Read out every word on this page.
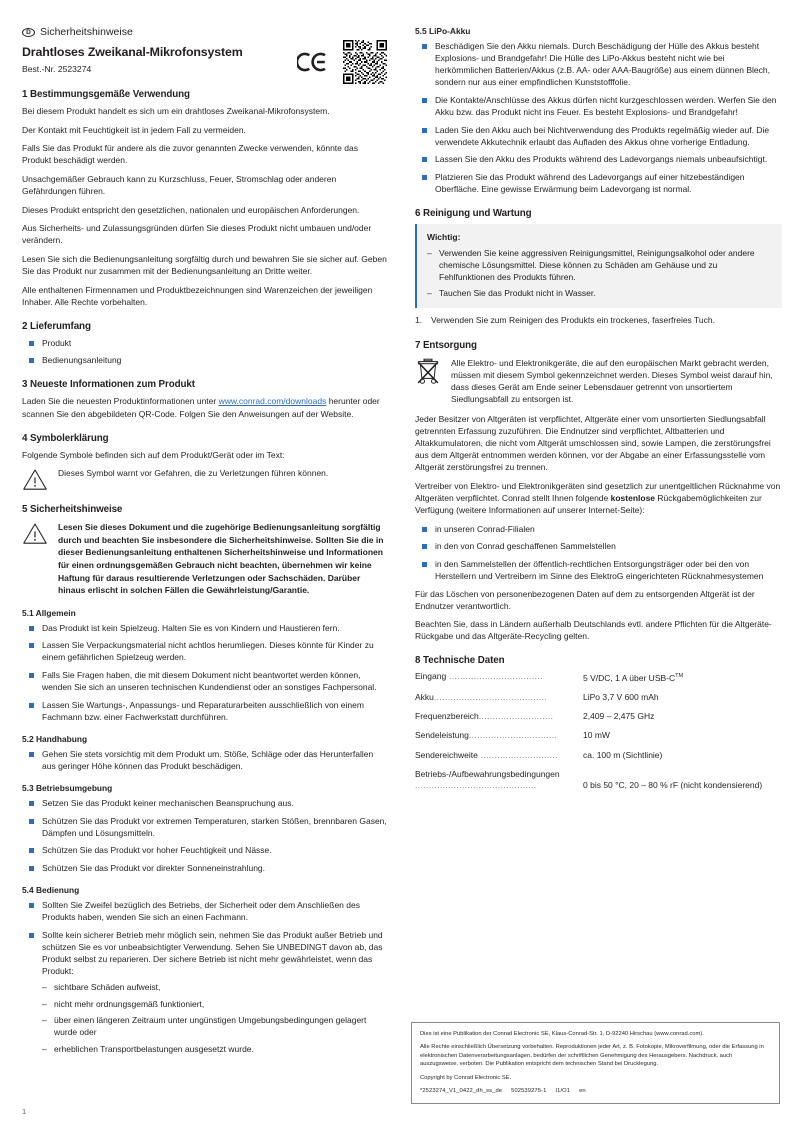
D Sicherheitshinweise
Drahtloses Zweikanal-Mikrofonsystem
Best.-Nr. 2523274
1 Bestimmungsgemäße Verwendung

Bei diesem Produkt handelt es sich um ein drahtloses Zweikanal-Mikrofonsystem.

Der Kontakt mit Feuchtigkeit ist in jedem Fall zu vermeiden.

Falls Sie das Produkt für andere als die zuvor genannten Zwecke verwenden, könnte das Produkt beschädigt werden.

Unsachgemäßer Gebrauch kann zu Kurzschluss, Feuer, Stromschlag oder anderen Gefährdungen führen.

Dieses Produkt entspricht den gesetzlichen, nationalen und europäischen Anforderungen.

Aus Sicherheits- und Zulassungsgründen dürfen Sie dieses Produkt nicht umbauen und/oder verändern.

Lesen Sie sich die Bedienungsanleitung sorgfältig durch und bewahren Sie sie sicher auf. Geben Sie das Produkt nur zusammen mit der Bedienungsanleitung an Dritte weiter.

Alle enthaltenen Firmennamen und Produktbezeichnungen sind Warenzeichen der jeweiligen Inhaber. Alle Rechte vorbehalten.

2 Lieferumfang
Produkt
Bedienungsanleitung
3 Neueste Informationen zum Produkt

Laden Sie die neuesten Produktinformationen unter www.conrad.com/downloads herunter oder scannen Sie den abgebildeten QR-Code. Folgen Sie den Anweisungen auf der Website.

4 Symbolerklärung

Folgende Symbole befinden sich auf dem Produkt/Gerät oder im Text:

Dieses Symbol warnt vor Gefahren, die zu Verletzungen führen können.
5 Sicherheitshinweise
Lesen Sie dieses Dokument und die zugehörige Bedienungsanleitung sorgfältig durch und beachten Sie insbesondere die Sicherheitshinweise. Sollten Sie die in dieser Bedienungsanleitung enthaltenen Sicherheitshinweise und Informationen für einen ordnungsgemäßen Gebrauch nicht beachten, übernehmen wir keine Haftung für daraus resultierende Verletzungen oder Sachschäden. Darüber hinaus erlischt in solchen Fällen die Gewährleistung/Garantie.
5.1 Allgemein
Das Produkt ist kein Spielzeug. Halten Sie es von Kindern und Haustieren fern.
Lassen Sie Verpackungsmaterial nicht achtlos herumliegen. Dieses könnte für Kinder zu einem gefährlichen Spielzeug werden.
Falls Sie Fragen haben, die mit diesem Dokument nicht beantwortet werden können, wenden Sie sich an unseren technischen Kundendienst oder an sonstiges Fachpersonal.
Lassen Sie Wartungs-, Anpassungs- und Reparaturarbeiten ausschließlich von einem Fachmann bzw. einer Fachwerkstatt durchführen.
5.2 Handhabung
Gehen Sie stets vorsichtig mit dem Produkt um. Stöße, Schläge oder das Herunterfallen aus geringer Höhe können das Produkt beschädigen.
5.3 Betriebsumgebung
Setzen Sie das Produkt keiner mechanischen Beanspruchung aus.
Schützen Sie das Produkt vor extremen Temperaturen, starken Stößen, brennbaren Gasen, Dämpfen und Lösungsmitteln.
Schützen Sie das Produkt vor hoher Feuchtigkeit und Nässe.
Schützen Sie das Produkt vor direkter Sonneneinstrahlung.
5.4 Bedienung
Sollten Sie Zweifel bezüglich des Betriebs, der Sicherheit oder dem Anschließen des Produkts haben, wenden Sie sich an einen Fachmann.
Sollte kein sicherer Betrieb mehr möglich sein, nehmen Sie das Produkt außer Betrieb und schützen Sie es vor unbeabsichtigter Verwendung. Sehen Sie UNBEDINGT davon ab, das Produkt selbst zu reparieren. Der sichere Betrieb ist nicht mehr gewährleistet, wenn das Produkt:
– sichtbare Schäden aufweist,
– nicht mehr ordnungsgemäß funktioniert,
– über einen längeren Zeitraum unter ungünstigen Umgebungsbedingungen gelagert wurde oder
– erheblichen Transportbelastungen ausgesetzt wurde.
5.5 LiPo-Akku
Beschädigen Sie den Akku niemals. Durch Beschädigung der Hülle des Akkus besteht Explosions- und Brandgefahr! Die Hülle des LiPo-Akkus besteht nicht wie bei herkömmlichen Batterien/Akkus (z.B. AA- oder AAA-Baugröße) aus einem dünnen Blech, sondern nur aus einer empfindlichen Kunststofffolie.
Die Kontakte/Anschlüsse des Akkus dürfen nicht kurzgeschlossen werden. Werfen Sie den Akku bzw. das Produkt nicht ins Feuer. Es besteht Explosions- und Brandgefahr!
Laden Sie den Akku auch bei Nichtverwendung des Produkts regelmäßig wieder auf. Die verwendete Akkutechnik erlaubt das Aufladen des Akkus ohne vorherige Entladung.
Lassen Sie den Akku des Produkts während des Ladevorgangs niemals unbeaufsichtigt.
Platzieren Sie das Produkt während des Ladevorgangs auf einer hitzebeständigen Oberfläche. Eine gewisse Erwärmung beim Ladevorgang ist normal.
6 Reinigung und Wartung
Wichtig:
– Verwenden Sie keine aggressiven Reinigungsmittel, Reinigungsalkohol oder andere chemische Lösungsmittel. Diese können zu Schäden am Gehäuse und zu Fehlfunktionen des Produkts führen.
– Tauchen Sie das Produkt nicht in Wasser.
Verwenden Sie zum Reinigen des Produkts ein trockenes, faserfreies Tuch.
7 Entsorgung
Alle Elektro- und Elektronikgeräte, die auf den europäischen Markt gebracht werden, müssen mit diesem Symbol gekennzeichnet werden. Dieses Symbol weist darauf hin, dass dieses Gerät am Ende seiner Lebensdauer getrennt von unsortiertem Siedlungsabfall zu entsorgen ist.

Jeder Besitzer von Altgeräten ist verpflichtet, Altgeräte einer vom unsortierten Siedlungsabfall getrennten Erfassung zuzuführen. Die Endnutzer sind verpflichtet, Altbatterien und Altakkumulatoren, die nicht vom Altgerät umschlossen sind, sowie Lampen, die zerstörungsfrei aus dem Altgerät entnommen werden können, vor der Abgabe an einer Erfassungsstelle vom Altgerät zerstörungsfrei zu trennen.

Vertreiber von Elektro- und Elektronikgeräten sind gesetzlich zur unentgeltlichen Rücknahme von Altgeräten verpflichtet. Conrad stellt Ihnen folgende kostenlose Rückgabemöglichkeiten zur Verfügung (weitere Informationen auf unserer Internet-Seite):

in unseren Conrad-Filialen
in den von Conrad geschaffenen Sammelstellen
in den Sammelstellen der öffentlich-rechtlichen Entsorgungsträger oder bei den von Herstellern und Vertreibern im Sinne des ElektroG eingerichteten Rücknahmesystemen

Für das Löschen von personenbezogenen Daten auf dem zu entsorgenden Altgerät ist der Endnutzer verantwortlich.

Beachten Sie, dass in Ländern außerhalb Deutschlands evtl. andere Pflichten für die Altgeräte-Rückgabe und das Altgeräte-Recycling gelten.

8 Technische Daten
Eingang ..................................	5 V/DC, 1 A über USB-C™
Akku.........................................	LiPo 3,7 V 600 mAh
Frequenzbereich...........................	2,409 – 2,475 GHz
Sendeleistung................................	10 mW
Sendereichweite ............................	ca. 100 m (Sichtlinie)
Betriebs-/Aufbewahrungsbedingungen ............................................	0 bis 50 °C, 20 – 80 % rF (nicht kondensierend)

Dies ist eine Publikation der Conrad Electronic SE, Klaus-Conrad-Str. 1, D-92240 Hirschau (www.conrad.com).

Alle Rechte einschließlich Übersetzung vorbehalten. Reproduktionen jeder Art, z. B. Fotokopie, Mikroverfilmung, oder die Erfassung in elektronischen Datenverarbeitungsanlagen, bedürfen der schriftlichen Genehmigung des Herausgebers. Nachdruck, auch auszugsweise, verboten. Die Publikation entspricht dem technischen Stand bei Drucklegung.

Copyright by Conrad Electronic SE.

*2523274_V1_0422_dh_ss_de 502539275-1 I1/O1 en

1
